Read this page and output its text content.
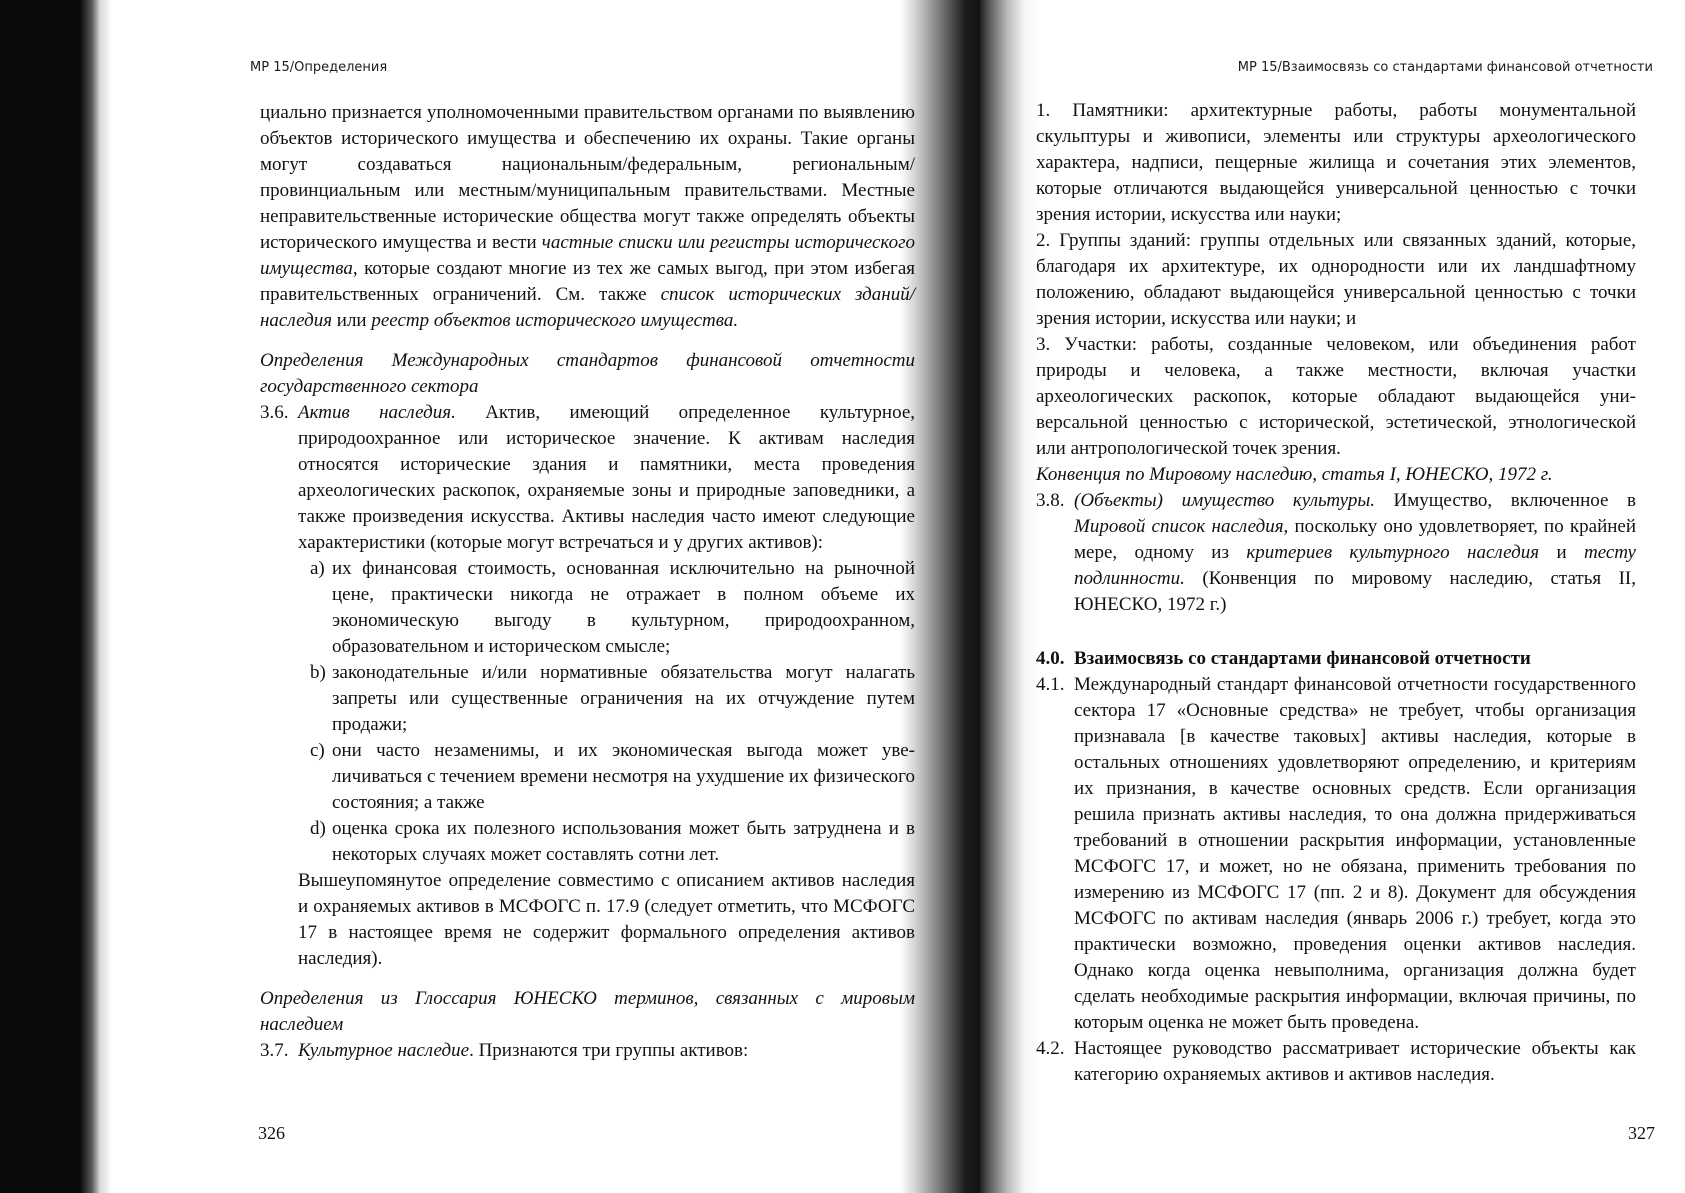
МР 15/Определения

циально признается уполномоченными правительством органами по выявлению объектов исторического имущества и обеспечению их охраны. Такие органы могут создаваться национальным/федеральным, региональным/провинциальным или местным/муниципальным правительствами. Местные неправительственные исторические общества могут также определять объекты исторического имущества и вести частные списки или регистры исторического имущества, которые создают многие из тех же самых выгод, при этом избегая правительственных ограничений. См. также список исторических зданий/наследия или реестр объектов исторического имущества.

Определения Международных стандартов финансовой отчетности государственного сектора

3.6. Актив наследия. Актив, имеющий определенное культурное, природоохранное или историческое значение. К активам наследия относятся исторические здания и памятники, места проведения археологических раскопок, охраняемые зоны и природные заповедники, а также произведения искусства. Активы наследия часто имеют следующие характеристики (которые могут встречаться и у других активов):

a) их финансовая стоимость, основанная исключительно на рыночной цене, практически никогда не отражает в полном объеме их экономическую выгоду в культурном, природоохранном, образовательном и историческом смысле;

b) законодательные и/или нормативные обязательства могут налагать запреты или существенные ограничения на их отчуждение путем продажи;

c) они часто незаменимы, и их экономическая выгода может увеличиваться с течением времени несмотря на ухудшение их физического состояния; а также

d) оценка срока их полезного использования может быть затруднена и в некоторых случаях может составлять сотни лет.

Вышеупомянутое определение совместимо с описанием активов наследия и охраняемых активов в МСФОГС п. 17.9 (следует отметить, что МСФОГС 17 в настоящее время не содержит формального определения активов наследия).

Определения из Глоссария ЮНЕСКО терминов, связанных с мировым наследием

3.7. Культурное наследие. Признаются три группы активов:

326
МР 15/Взаимосвязь со стандартами финансовой отчетности

1. Памятники: архитектурные работы, работы монументальной скульптуры и живописи, элементы или структуры археологического характера, надписи, пещерные жилища и сочетания этих элементов, которые отличаются выдающейся универсальной ценностью с точки зрения истории, искусства или науки;

2. Группы зданий: группы отдельных или связанных зданий, которые, благодаря их архитектуре, их однородности или их ландшафтному положению, обладают выдающейся универсальной ценностью с точки зрения истории, искусства или науки; и

3. Участки: работы, созданные человеком, или объединения работ природы и человека, а также местности, включая участки археологических раскопок, которые обладают выдающейся универсальной ценностью с исторической, эстетической, этнологической или антропологической точек зрения.

Конвенция по Мировому наследию, статья I, ЮНЕСКО, 1972 г.

3.8. (Объекты) имущество культуры. Имущество, включенное в Мировой список наследия, поскольку оно удовлетворяет, по крайней мере, одному из критериев культурного наследия и тесту подлинности. (Конвенция по мировому наследию, статья II, ЮНЕСКО, 1972 г.)

4.0. Взаимосвязь со стандартами финансовой отчетности

4.1. Международный стандарт финансовой отчетности государственного сектора 17 «Основные средства» не требует, чтобы организация признавала [в качестве таковых] активы наследия, которые в остальных отношениях удовлетворяют определению, и критериям их признания, в качестве основных средств. Если организация решила признать активы наследия, то она должна придерживаться требований в отношении раскрытия информации, установленные МСФОГС 17, и может, но не обязана, применить требования по измерению из МСФОГС 17 (пп. 2 и 8). Документ для обсуждения МСФОГС по активам наследия (январь 2006 г.) требует, когда это практически возможно, проведения оценки активов наследия. Однако когда оценка невыполнима, организация должна будет сделать необходимые раскрытия информации, включая причины, по которым оценка не может быть проведена.

4.2. Настоящее руководство рассматривает исторические объекты как категорию охраняемых активов и активов наследия.

327
